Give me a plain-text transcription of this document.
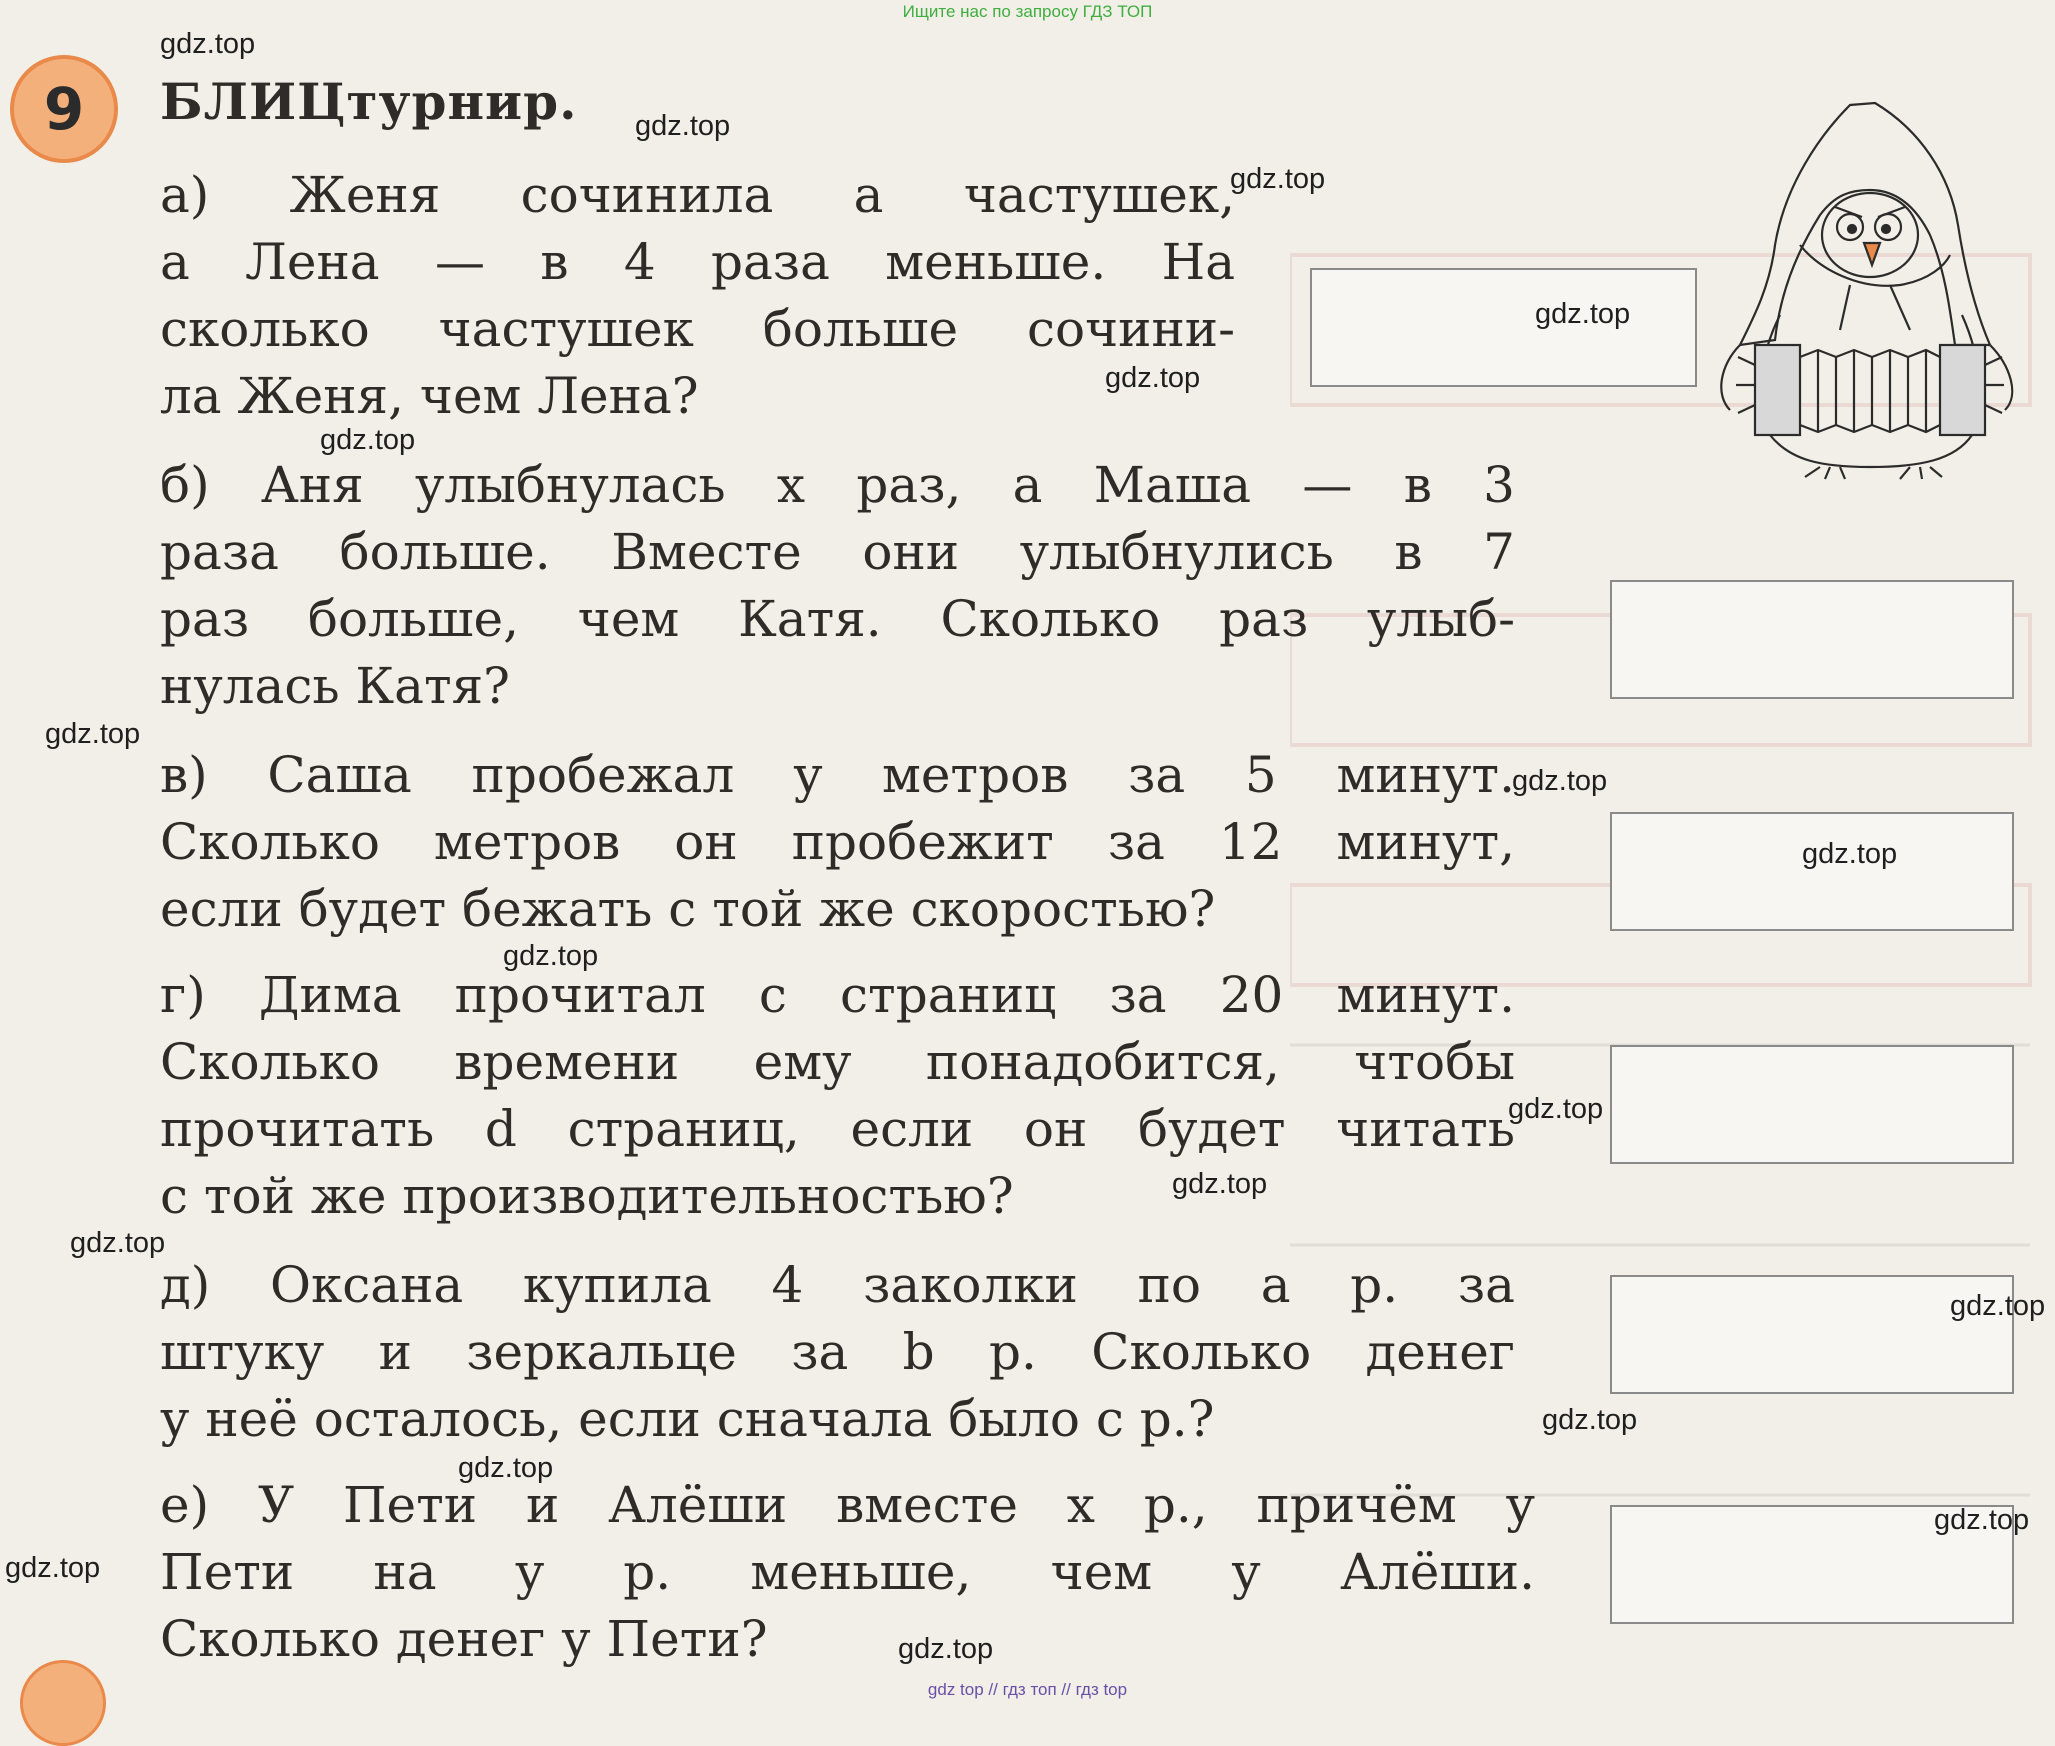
Ищите нас по запросу ГДЗ ТОП
9 БЛИЦтурнир.
а) Женя сочинила a частушек,
а Лена — в 4 раза меньше. На
сколько частушек больше сочини-
ла Женя, чем Лена?
б) Аня улыбнулась x раз, а Маша — в 3
раза больше. Вместе они улыбнулись в 7
раз больше, чем Катя. Сколько раз улыб-
нулась Катя?
в) Саша пробежал y метров за 5 минут.
Сколько метров он пробежит за 12 минут,
если будет бежать с той же скоростью?
г) Дима прочитал c страниц за 20 минут.
Сколько времени ему понадобится, чтобы
прочитать d страниц, если он будет читать
с той же производительностью?
д) Оксана купила 4 заколки по a р. за
штуку и зеркальце за b р. Сколько денег
у неё осталось, если сначала было c р.?
е) У Пети и Алёши вместе x р., причём у
Пети на y р. меньше, чем у Алёши.
Сколько денег у Пети?
gdz.top
gdz.top
gdz.top
gdz.top
gdz.top
gdz.top
gdz.top
gdz.top
gdz.top
gdz.top
gdz.top
gdz.top
gdz.top
gdz.top
gdz.top
gdz.top
gdz.top
gdz.top
gdz.top
gdz top // гдз топ // гдз top
